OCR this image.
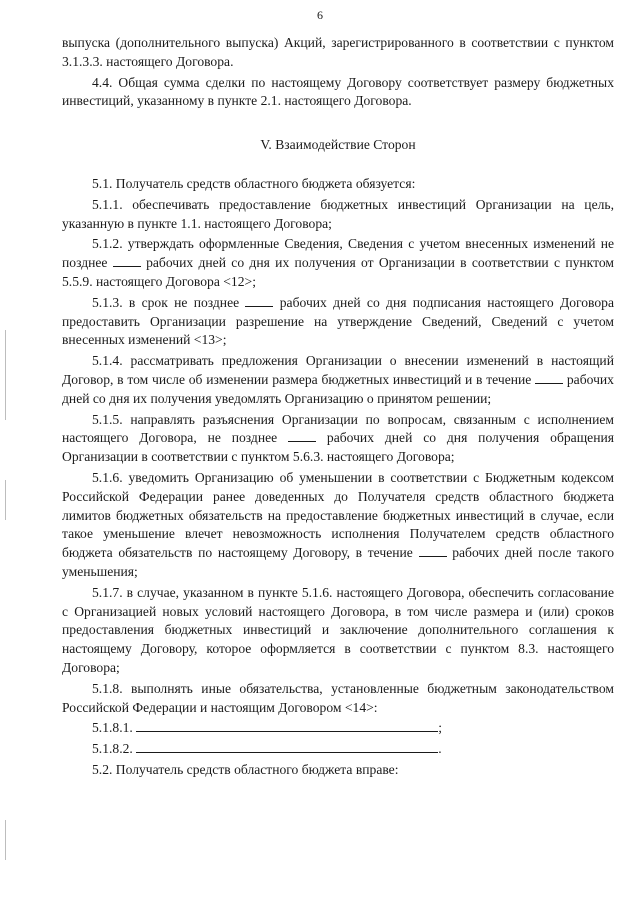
6

выпуска (дополнительного выпуска) Акций, зарегистрированного в соответствии с пунктом 3.1.3.3. настоящего Договора.

4.4. Общая сумма сделки по настоящему Договору соответствует размеру бюджетных инвестиций, указанному в пункте 2.1. настоящего Договора.

V. Взаимодействие Сторон

5.1. Получатель средств областного бюджета обязуется:

5.1.1. обеспечивать предоставление бюджетных инвестиций Организации на цель, указанную в пункте 1.1. настоящего Договора;

5.1.2. утверждать оформленные Сведения, Сведения с учетом внесенных изменений не позднее	рабочих дней со дня их получения от Организации в соответствии с пунктом 5.5.9. настоящего Договора <12>;

5.1.3. в срок не позднее	рабочих дней со дня подписания настоящего Договора предоставить Организации разрешение на утверждение Сведений, Сведений с учетом внесенных изменений <13>;

5.1.4. рассматривать предложения Организации о внесении изменений в настоящий Договор, в том числе об изменении размера бюджетных инвестиций и в течение	рабочих дней со дня их получения уведомлять Организацию о принятом решении;

5.1.5. направлять разъяснения Организации по вопросам, связанным с исполнением настоящего Договора, не позднее	рабочих дней со дня получения обращения Организации в соответствии с пунктом 5.6.3. настоящего Договора;

5.1.6. уведомить Организацию об уменьшении в соответствии с Бюджетным кодексом Российской Федерации ранее доведенных до Получателя средств областного бюджета лимитов бюджетных обязательств на предоставление бюджетных инвестиций в случае, если такое уменьшение влечет невозможность исполнения Получателем средств областного бюджета обязательств по настоящему Договору, в течение	рабочих дней после такого уменьшения;

5.1.7. в случае, указанном в пункте 5.1.6. настоящего Договора, обеспечить согласование с Организацией новых условий настоящего Договора, в том числе размера и (или) сроков предоставления бюджетных инвестиций и заключение дополнительного соглашения к настоящему Договору, которое оформляется в соответствии с пунктом 8.3. настоящего Договора;

5.1.8. выполнять иные обязательства, установленные бюджетным законодательством Российской Федерации и настоящим Договором <14>:

5.1.8.1.	;

5.1.8.2.	.

5.2. Получатель средств областного бюджета вправе:
